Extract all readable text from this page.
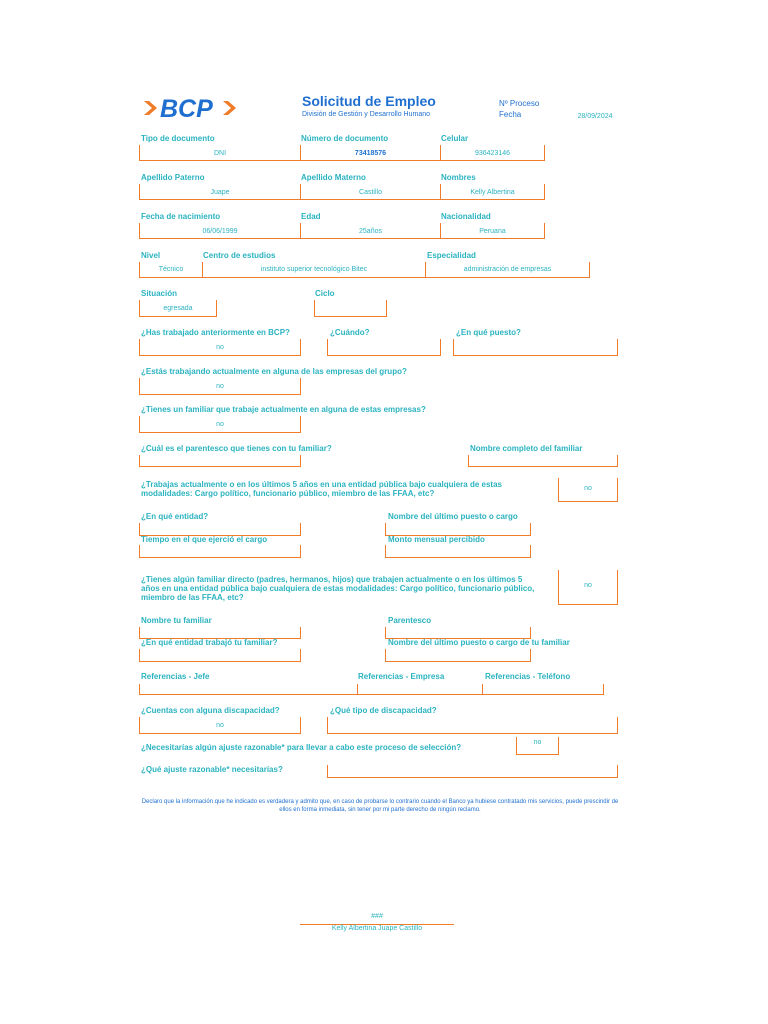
BCP	Solicitud de Empleo
División de Gestión y Desarrollo Humano
Nº Proceso
Fecha	28/09/2024
Tipo de documento	Número de documento	Celular
DNI	73418576	936423146
Apellido Paterno	Apellido Materno	Nombres
Juape	Castillo	Kelly Albertina
Fecha de nacimiento	Edad	Nacionalidad
06/06/1999	25años	Peruana
Nivel	Centro de estudios	Especialidad
Técnico	instituto superior tecnológico Bitec	administración de empresas
Situación	Ciclo
egresada
¿Has trabajado anteriormente en BCP?	¿Cuándo?	¿En qué puesto?
no
¿Estás trabajando actualmente en alguna de las empresas del grupo?
no
¿Tienes un familiar que trabaje actualmente en alguna de estas empresas?
no
¿Cuál es el parentesco que tienes con tu familiar?	Nombre completo del familiar
¿Trabajas actualmente o en los últimos 5 años en una entidad pública bajo cualquiera de estas modalidades: Cargo político, funcionario público, miembro de las FFAA, etc?
no
¿En qué entidad?	Nombre del último puesto o cargo
Tiempo en el que ejerció el cargo	Monto mensual percibido
¿Tienes algún familiar directo (padres, hermanos, hijos) que trabajen actualmente o en los últimos 5 años en una entidad pública bajo cualquiera de estas modalidades: Cargo político, funcionario público, miembro de las FFAA, etc?
no
Nombre tu familiar	Parentesco
¿En qué entidad trabajó tu familiar?	Nombre del último puesto o cargo de tu familiar
Referencias - Jefe	Referencias - Empresa	Referencias - Teléfono
¿Cuentas con alguna discapacidad?	¿Qué tipo de discapacidad?
no
¿Necesitarías algún ajuste razonable* para llevar a cabo este proceso de selección?
no
¿Qué ajuste razonable* necesitarías?
Declaro que la información que he indicado es verdadera y admito que, en caso de probarse lo contrario cuando el Banco ya hubiese contratado mis servicios, puede prescindir de ellos en forma inmediata, sin tener por mi parte derecho de ningún reclamo.
###
Kelly Albertina Juape Castillo
